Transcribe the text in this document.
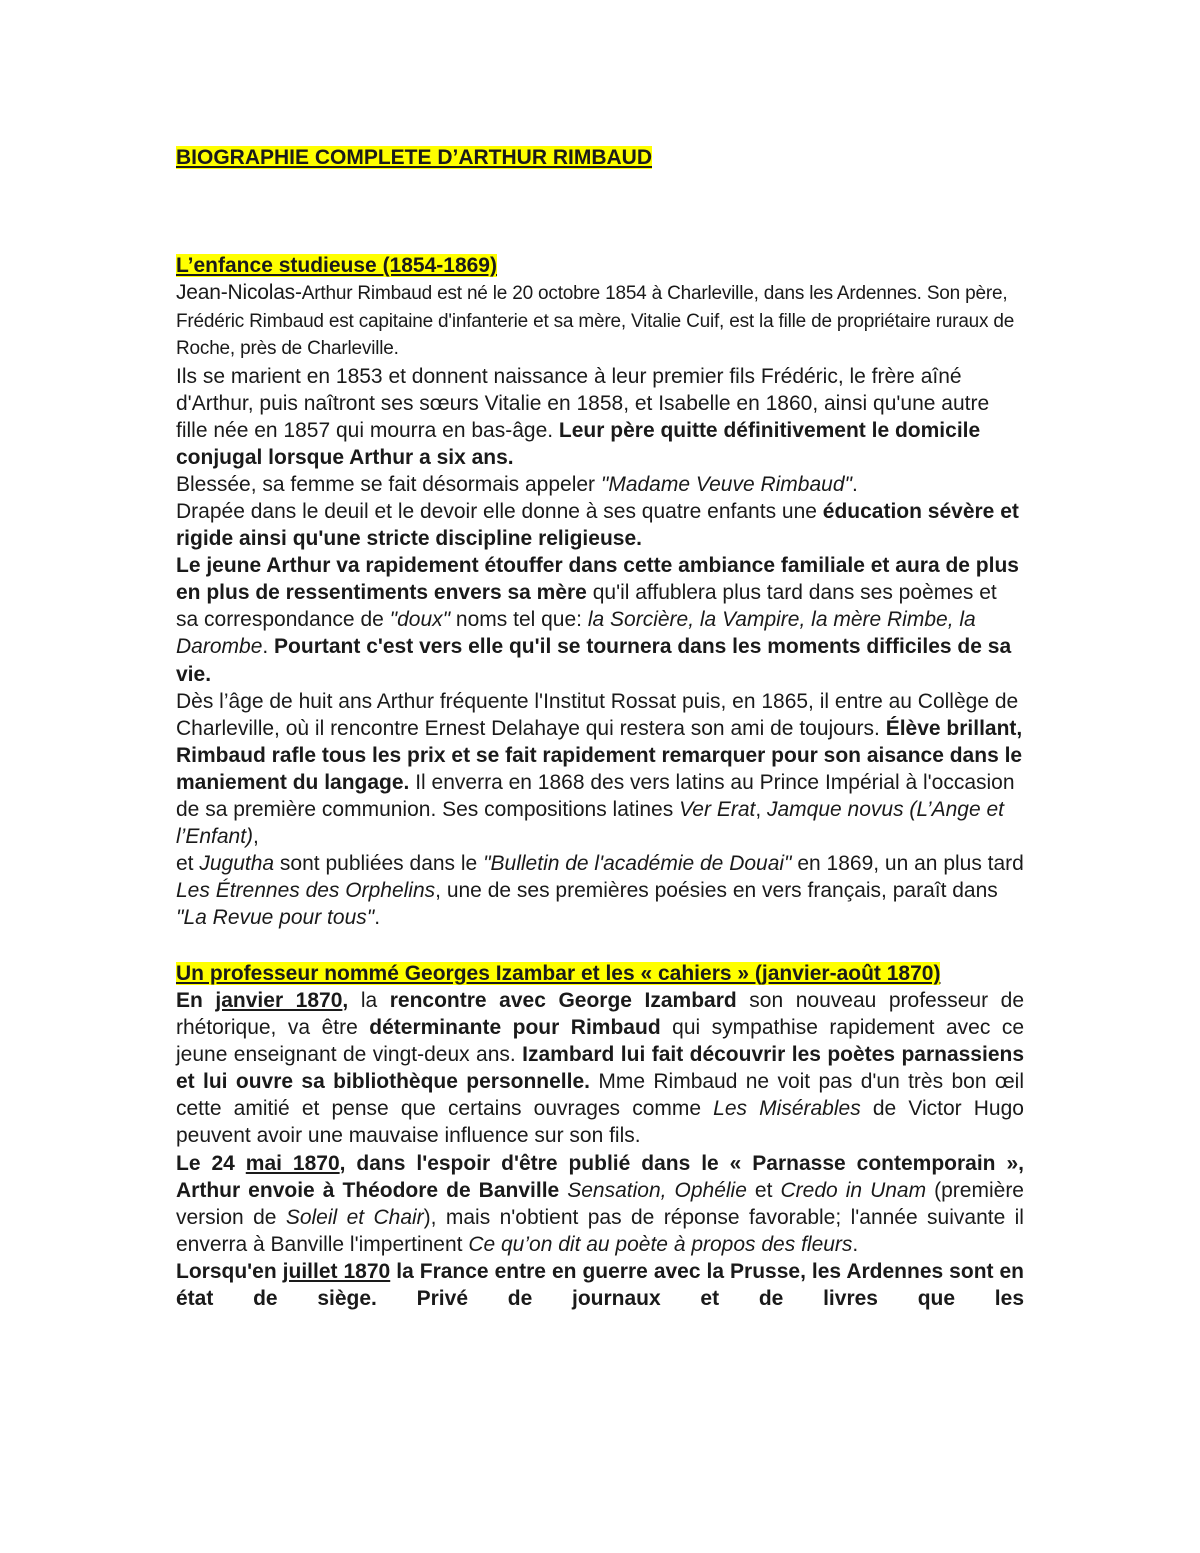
BIOGRAPHIE COMPLETE D’ARTHUR RIMBAUD
L’enfance studieuse (1854-1869)

Jean-Nicolas-Arthur Rimbaud est né le 20 octobre 1854 à Charleville, dans les Ardennes. Son père, Frédéric Rimbaud est capitaine d'infanterie et sa mère, Vitalie Cuif, est la fille de propriétaire ruraux de Roche, près de Charleville.

Ils se marient en 1853 et donnent naissance à leur premier fils Frédéric, le frère aîné d'Arthur, puis naîtront ses sœurs Vitalie en 1858, et Isabelle en 1860, ainsi qu'une autre fille née en 1857 qui mourra en bas-âge. Leur père quitte définitivement le domicile conjugal lorsque Arthur a six ans.

Blessée, sa femme se fait désormais appeler "Madame Veuve Rimbaud".

Drapée dans le deuil et le devoir elle donne à ses quatre enfants une éducation sévère et rigide ainsi qu'une stricte discipline religieuse.

Le jeune Arthur va rapidement étouffer dans cette ambiance familiale et aura de plus en plus de ressentiments envers sa mère qu'il affublera plus tard dans ses poèmes et sa correspondance de "doux" noms tel que: la Sorcière, la Vampire, la mère Rimbe, la Darombe. Pourtant c'est vers elle qu'il se tournera dans les moments difficiles de sa vie.

Dès l’âge de huit ans Arthur fréquente l'Institut Rossat puis, en 1865, il entre au Collège de Charleville, où il rencontre Ernest Delahaye qui restera son ami de toujours. Élève brillant, Rimbaud rafle tous les prix et se fait rapidement remarquer pour son aisance dans le maniement du langage. Il enverra en 1868 des vers latins au Prince Impérial à l'occasion de sa première communion. Ses compositions latines Ver Erat, Jamque novus (L’Ange et l’Enfant),
et Jugutha sont publiées dans le "Bulletin de l'académie de Douai" en 1869, un an plus tard Les Étrennes des Orphelins, une de ses premières poésies en vers français, paraît dans "La Revue pour tous".

Un professeur nommé Georges Izambar et les « cahiers » (janvier-août 1870)

En janvier 1870, la rencontre avec George Izambard son nouveau professeur de rhétorique, va être déterminante pour Rimbaud qui sympathise rapidement avec ce jeune enseignant de vingt-deux ans. Izambard lui fait découvrir les poètes parnassiens et lui ouvre sa bibliothèque personnelle. Mme Rimbaud ne voit pas d'un très bon œil cette amitié et pense que certains ouvrages comme Les Misérables de Victor Hugo peuvent avoir une mauvaise influence sur son fils.

Le 24 mai 1870, dans l'espoir d'être publié dans le « Parnasse contemporain », Arthur envoie à Théodore de Banville Sensation, Ophélie et Credo in Unam (première version de Soleil et Chair), mais n'obtient pas de réponse favorable; l'année suivante il enverra à Banville l'impertinent Ce qu’on dit au poète à propos des fleurs.

Lorsqu'en juillet 1870 la France entre en guerre avec la Prusse, les Ardennes sont en état de siège. Privé de journaux et de livres que les
